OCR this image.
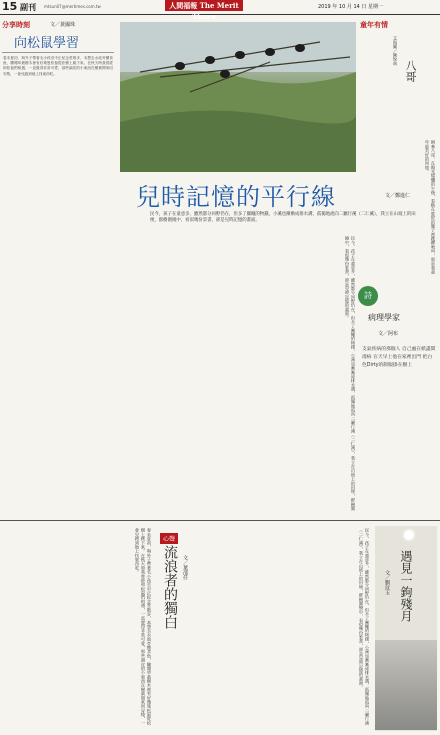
15 副刊 mtsun07@mertimes.com.tw	人間福報 The Merit Times
2019 年 10 月 14 日 星期一
分享時刻	文／黃國珠
向松鼠學習
春末夏初，與外子帶著毛小孩至中正紀念堂散步，本想去水池旁餵食魚，驟聞草叢樹木裡有好幾隻松鼠從松樹上跳下來。在秋天時我曾經和松鼠們相遇，一直覺得非常可愛，那些調皮的小東西在樹叢間來回穿梭，一會兒跑到地上找東西吃。
童年有情
八哥
文與圖／陳悅萌
飼養八哥，在陽光燦爛的午後，看牠在庭院的籠子裡跳躍鳴叫，那是我童年最美好的回憶。
兒時記憶的平行線	文／鄭進仁
民今，孩子在童意多，雖然都分回野仍在，但多了團繩的物錢，小溪也漸漸成排水溝，孤獨地流向二屬行溪（二仁溪），我立在山坡上的田埂，群樹圍繞中，看似幾份景書，卻是兒時記憶的畫面。
民今，孩子在童意多，雖然都分回野仍在，但多了團繩的物錢，小溪也漸漸成排水溝，孤獨地流向二屬行溪（二仁溪），我立在山坡上的田埂，群樹圍繞中，看似幾份景書，卻是兒時記憶的畫面。	詩
病理學家
文／阿布
支氣疾病的那個人 自己處在紙盡間漫病 在天早上他在家裡出門 把白色Dirty的制服掛在樹上
春末夏初，與外子帶著毛小孩至中正紀念堂散步，本想去水池旁餵食魚，驟聞草叢樹木裡有好幾隻松鼠從松樹上跳下來。在秋天時我曾經和松鼠們相遇，一直覺得非常可愛，那些調皮的小東西在樹叢間來回穿梭，一會兒跑到地上找東西吃。	心聲
流浪者的獨白 文／葉邵仟	民今，孩子在童意多，雖然都分回野仍在，但多了團繩的物錢，小溪也漸漸成排水溝，孤獨地流向二屬行溪（二仁溪），我立在山坡上的田埂，群樹圍繞中，看似幾份景書，卻是兒時記憶的畫面。	遇見一鉤殘月
文／劉玟玉
